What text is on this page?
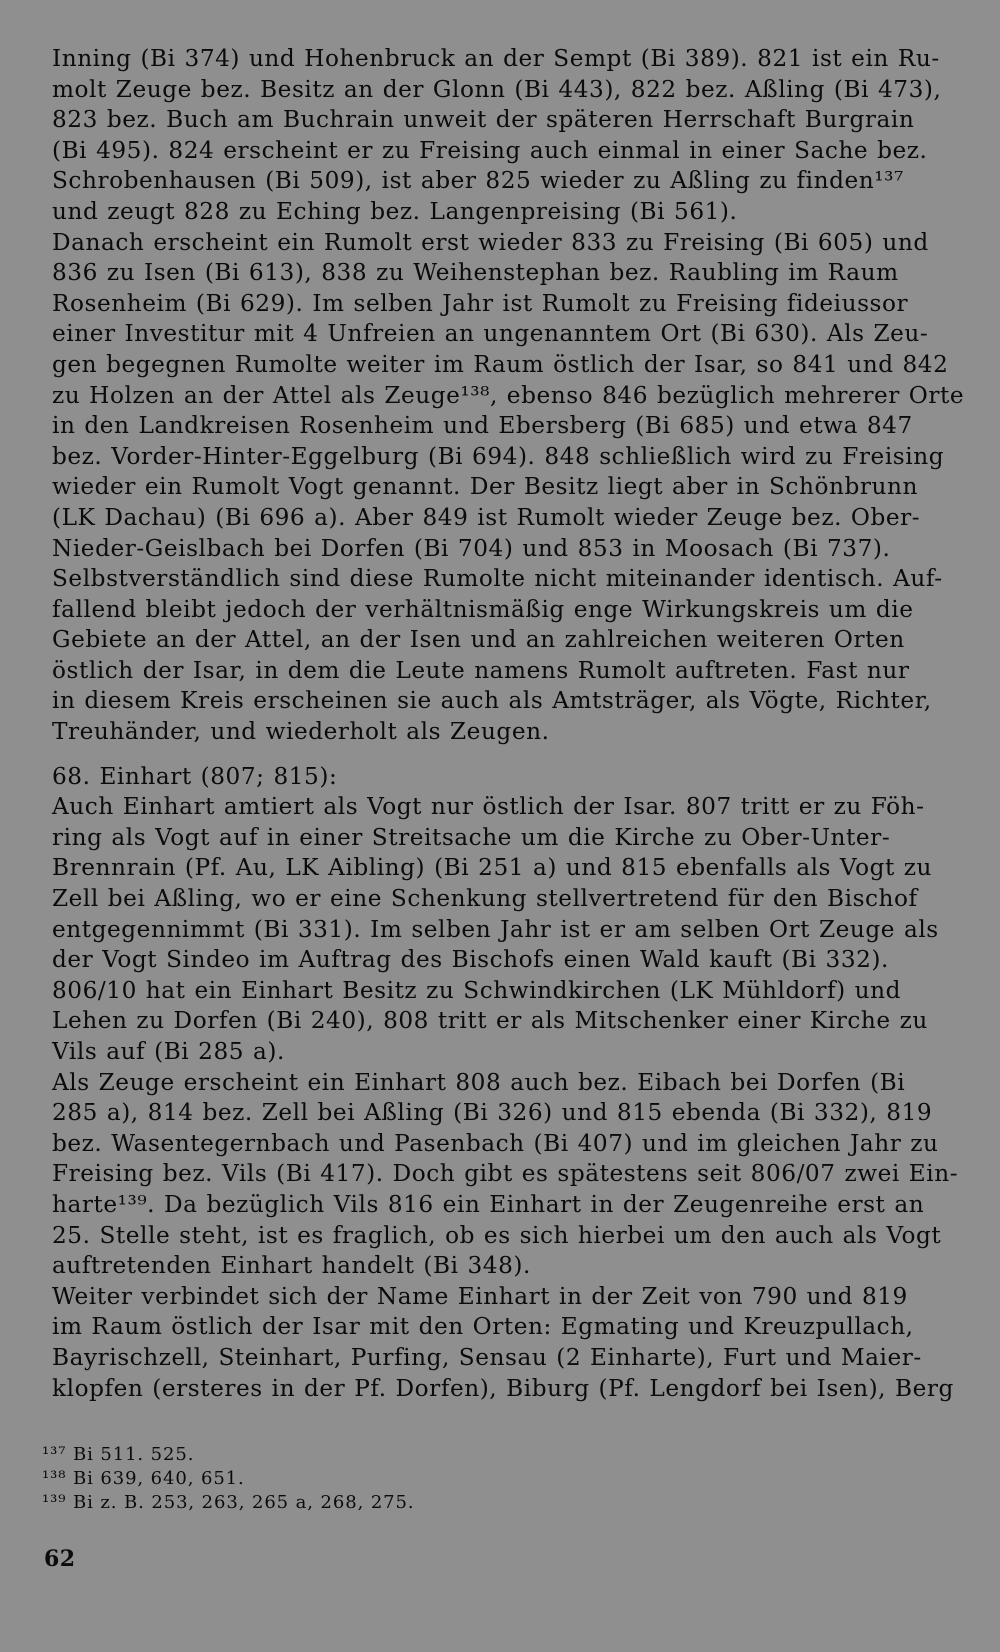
Inning (Bi 374) und Hohenbruck an der Sempt (Bi 389). 821 ist ein Ru-
molt Zeuge bez. Besitz an der Glonn (Bi 443), 822 bez. Aßling (Bi 473),
823 bez. Buch am Buchrain unweit der späteren Herrschaft Burgrain
(Bi 495). 824 erscheint er zu Freising auch einmal in einer Sache bez.
Schrobenhausen (Bi 509), ist aber 825 wieder zu Aßling zu finden¹³⁷
und zeugt 828 zu Eching bez. Langenpreising (Bi 561).
Danach erscheint ein Rumolt erst wieder 833 zu Freising (Bi 605) und
836 zu Isen (Bi 613), 838 zu Weihenstephan bez. Raubling im Raum
Rosenheim (Bi 629). Im selben Jahr ist Rumolt zu Freising fideiussor
einer Investitur mit 4 Unfreien an ungenanntem Ort (Bi 630). Als Zeu-
gen begegnen Rumolte weiter im Raum östlich der Isar, so 841 und 842
zu Holzen an der Attel als Zeuge¹³⁸, ebenso 846 bezüglich mehrerer Orte
in den Landkreisen Rosenheim und Ebersberg (Bi 685) und etwa 847
bez. Vorder-Hinter-Eggelburg (Bi 694). 848 schließlich wird zu Freising
wieder ein Rumolt Vogt genannt. Der Besitz liegt aber in Schönbrunn
(LK Dachau) (Bi 696 a). Aber 849 ist Rumolt wieder Zeuge bez. Ober-
Nieder-Geislbach bei Dorfen (Bi 704) und 853 in Moosach (Bi 737).
Selbstverständlich sind diese Rumolte nicht miteinander identisch. Auf-
fallend bleibt jedoch der verhältnismäßig enge Wirkungskreis um die
Gebiete an der Attel, an der Isen und an zahlreichen weiteren Orten
östlich der Isar, in dem die Leute namens Rumolt auftreten. Fast nur
in diesem Kreis erscheinen sie auch als Amtsträger, als Vögte, Richter,
Treuhänder, und wiederholt als Zeugen.
68. Einhart (807; 815):
Auch Einhart amtiert als Vogt nur östlich der Isar. 807 tritt er zu Föh-
ring als Vogt auf in einer Streitsache um die Kirche zu Ober-Unter-
Brennrain (Pf. Au, LK Aibling) (Bi 251 a) und 815 ebenfalls als Vogt zu
Zell bei Aßling, wo er eine Schenkung stellvertretend für den Bischof
entgegennimmt (Bi 331). Im selben Jahr ist er am selben Ort Zeuge als
der Vogt Sindeo im Auftrag des Bischofs einen Wald kauft (Bi 332).
806/10 hat ein Einhart Besitz zu Schwindkirchen (LK Mühldorf) und
Lehen zu Dorfen (Bi 240), 808 tritt er als Mitschenker einer Kirche zu
Vils auf (Bi 285 a).
Als Zeuge erscheint ein Einhart 808 auch bez. Eibach bei Dorfen (Bi
285 a), 814 bez. Zell bei Aßling (Bi 326) und 815 ebenda (Bi 332), 819
bez. Wasentegernbach und Pasenbach (Bi 407) und im gleichen Jahr zu
Freising bez. Vils (Bi 417). Doch gibt es spätestens seit 806/07 zwei Ein-
harte¹³⁹. Da bezüglich Vils 816 ein Einhart in der Zeugenreihe erst an
25. Stelle steht, ist es fraglich, ob es sich hierbei um den auch als Vogt
auftretenden Einhart handelt (Bi 348).
Weiter verbindet sich der Name Einhart in der Zeit von 790 und 819
im Raum östlich der Isar mit den Orten: Egmating und Kreuzpullach,
Bayrischzell, Steinhart, Purfing, Sensau (2 Einharte), Furt und Maier-
klopfen (ersteres in der Pf. Dorfen), Biburg (Pf. Lengdorf bei Isen), Berg
¹³⁷ Bi 511. 525.
¹³⁸ Bi 639, 640, 651.
¹³⁹ Bi z. B. 253, 263, 265 a, 268, 275.
62
